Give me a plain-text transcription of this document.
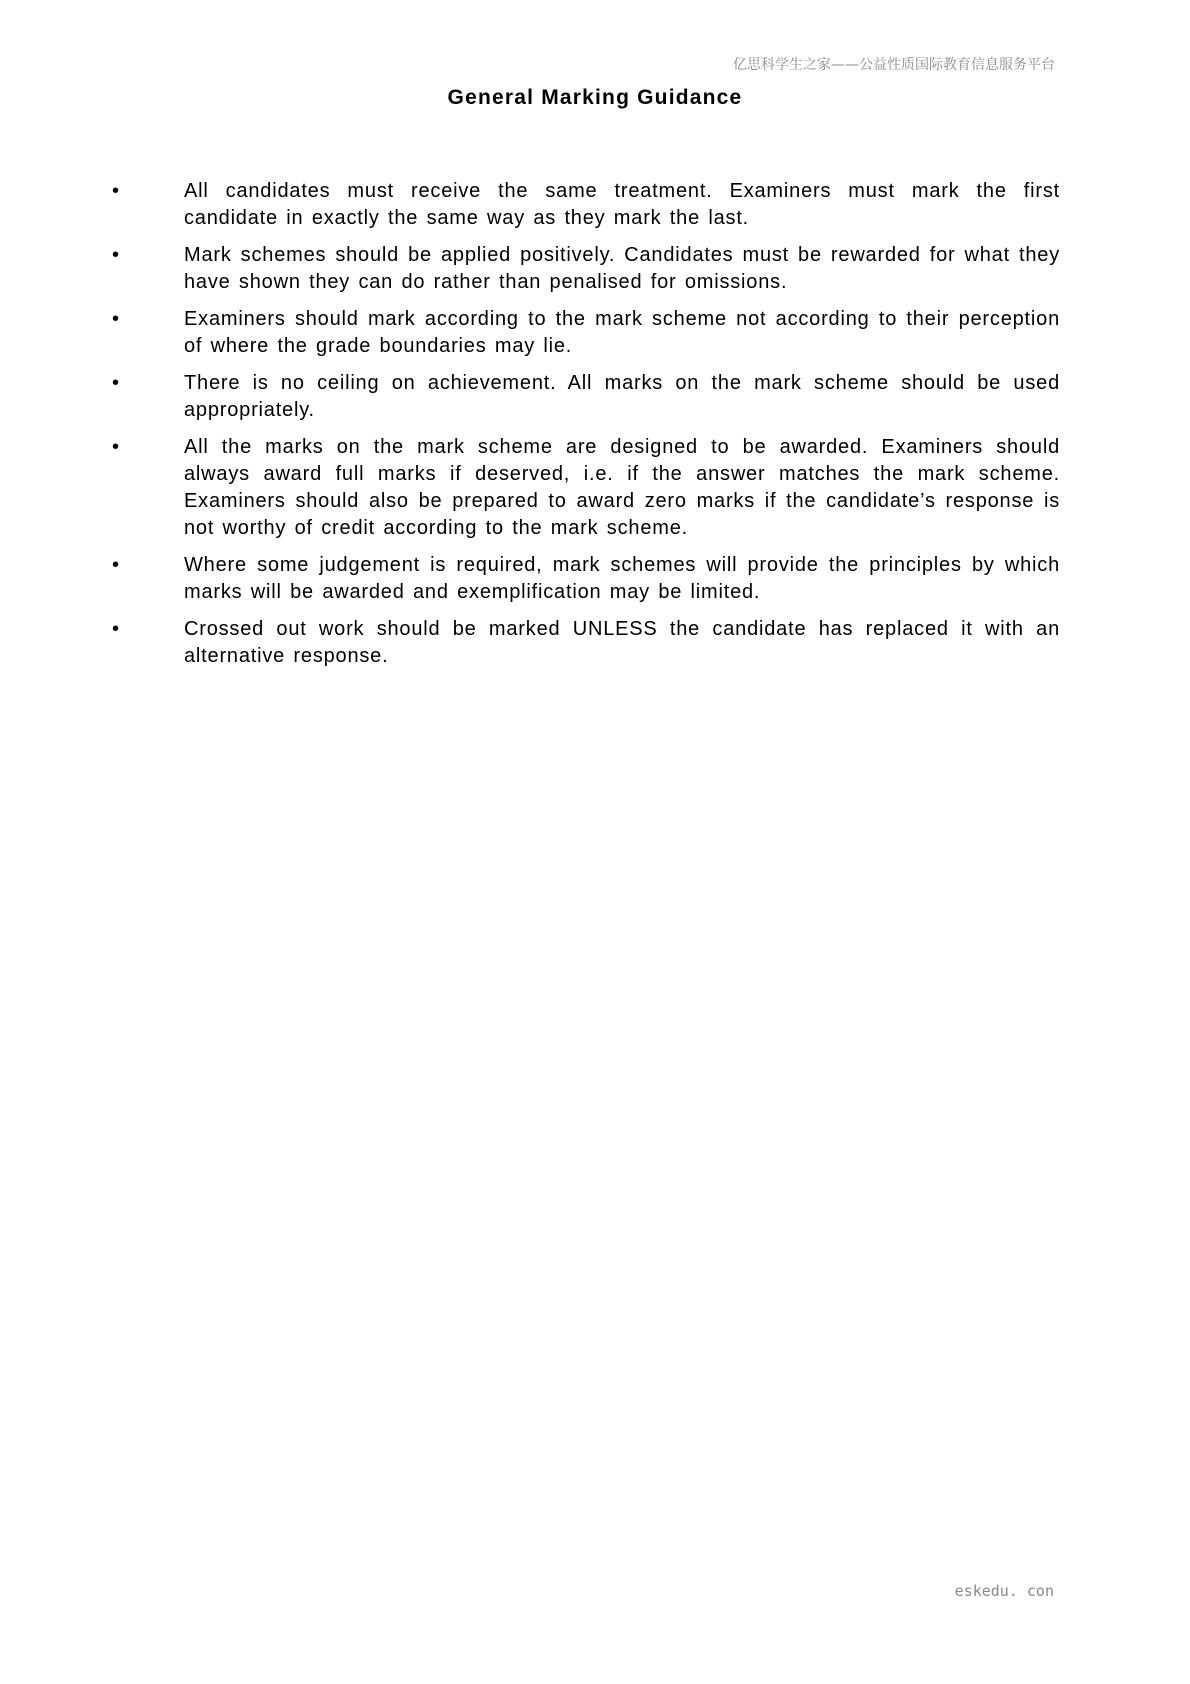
亿思科学生之家——公益性质国际教育信息服务平台
General Marking Guidance
•	All candidates must receive the same treatment. Examiners must mark the first candidate in exactly the same way as they mark the last.
•	Mark schemes should be applied positively. Candidates must be rewarded for what they have shown they can do rather than penalised for omissions.
•	Examiners should mark according to the mark scheme not according to their perception of where the grade boundaries may lie.
•	There is no ceiling on achievement. All marks on the mark scheme should be used appropriately.
•	All the marks on the mark scheme are designed to be awarded. Examiners should always award full marks if deserved, i.e. if the answer matches the mark scheme. Examiners should also be prepared to award zero marks if the candidate’s response is not worthy of credit according to the mark scheme.
•	Where some judgement is required, mark schemes will provide the principles by which marks will be awarded and exemplification may be limited.
•	Crossed out work should be marked UNLESS the candidate has replaced it with an alternative response.
eskedu. con
